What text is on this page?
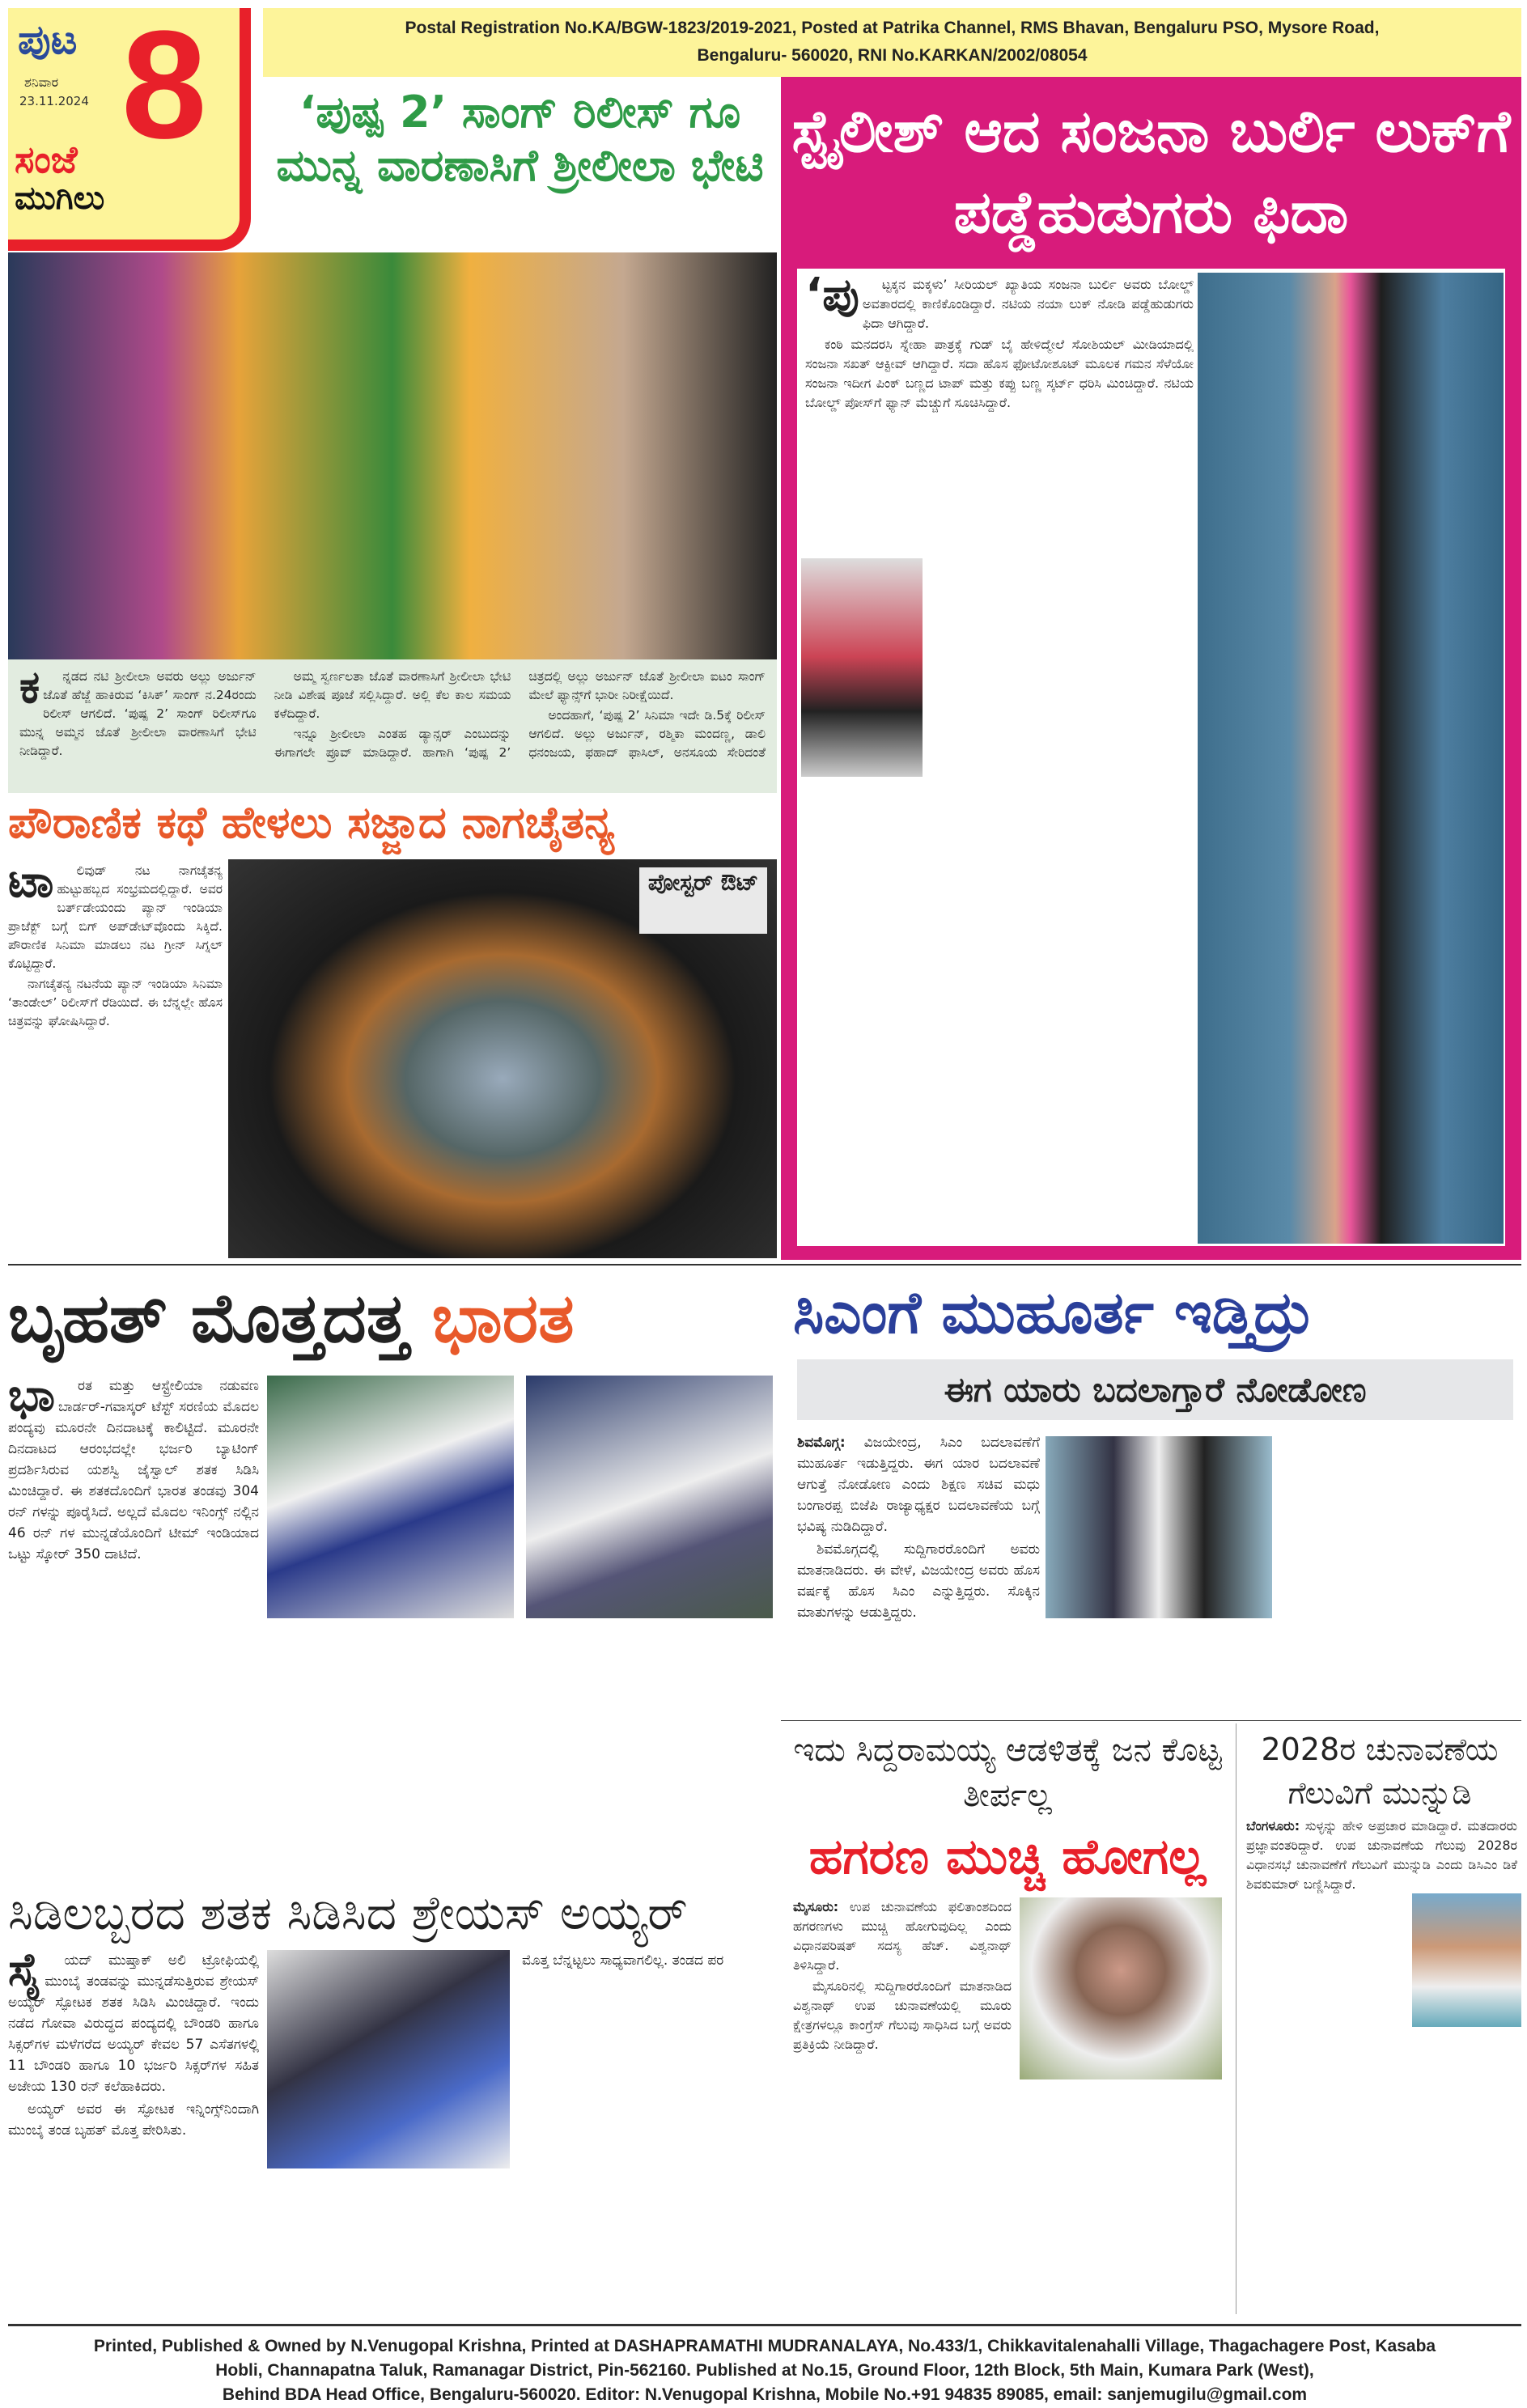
ಪುಟ
ಶನಿವಾರ
23.11.2024 8
ಸಂಜೆ
ಮುಗಿಲು
Postal Registration No.KA/BGW-1823/2019-2021, Posted at Patrika Channel, RMS Bhavan, Bengaluru PSO, Mysore Road,
Bengaluru- 560020, RNI No.KARKAN/2002/08054
‘ಪುಷ್ಪ 2’ ಸಾಂಗ್ ರಿಲೀಸ್ ಗೂ ಮುನ್ನ ವಾರಣಾಸಿಗೆ ಶ್ರೀಲೀಲಾ ಭೇಟಿ
ಕ	ನ್ನಡದ ನಟಿ ಶ್ರೀಲೀಲಾ ಅವರು ಅಲ್ಲು ಅರ್ಜುನ್ ಜೊತೆ ಹೆಜ್ಜೆ ಹಾಕಿರುವ ‘ಕಿಸಿಕ್’ ಸಾಂಗ್ ನ.24ರಂದು ರಿಲೀಸ್ ಆಗಲಿದೆ. ‘ಪುಷ್ಪ 2’ ಸಾಂಗ್ ರಿಲೀಸ್‌ಗೂ ಮುನ್ನ ಅಮ್ಮನ ಜೊತೆ ಶ್ರೀಲೀಲಾ ವಾರಣಾಸಿಗೆ ಭೇಟಿ ನೀಡಿದ್ದಾರೆ.

ಅಮ್ಮ ಸ್ವರ್ಣಲತಾ ಜೊತೆ ವಾರಣಾಸಿಗೆ ಶ್ರೀಲೀಲಾ ಭೇಟಿ ನೀಡಿ ವಿಶೇಷ ಪೂಜೆ ಸಲ್ಲಿಸಿದ್ದಾರೆ. ಅಲ್ಲಿ ಕೆಲ ಕಾಲ ಸಮಯ ಕಳೆದಿದ್ದಾರೆ.

ಇನ್ನೂ ಶ್ರೀಲೀಲಾ ಎಂತಹ ಡ್ಯಾನ್ಸರ್ ಎಂಬುದನ್ನು ಈಗಾಗಲೇ ಪ್ರೂವ್ ಮಾಡಿದ್ದಾರೆ. ಹಾಗಾಗಿ ‘ಪುಷ್ಪ 2’ ಚಿತ್ರದಲ್ಲಿ ಅಲ್ಲು ಅರ್ಜುನ್ ಜೊತೆ ಶ್ರೀಲೀಲಾ ಐಟಂ ಸಾಂಗ್ ಮೇಲೆ ಫ್ಯಾನ್ಸ್‌ಗೆ ಭಾರೀ ನಿರೀಕ್ಷೆಯಿದೆ.

ಅಂದಹಾಗೆ, ‘ಪುಷ್ಪ 2’ ಸಿನಿಮಾ ಇದೇ ಡಿ.5ಕ್ಕೆ ರಿಲೀಸ್ ಆಗಲಿದೆ. ಅಲ್ಲು ಅರ್ಜುನ್, ರಶ್ಮಿಕಾ ಮಂದಣ್ಣ, ಡಾಲಿ ಧನಂಜಯ, ಫಹಾದ್ ಫಾಸಿಲ್, ಅನಸೂಯ ಸೇರಿದಂತೆ

ಪೌರಾಣಿಕ ಕಥೆ ಹೇಳಲು ಸಜ್ಜಾದ ನಾಗಚೈತನ್ಯ
ಟಾ	ಲಿವುಡ್ ನಟ ನಾಗಚೈತನ್ಯ ಹುಟ್ಟುಹಬ್ಬದ ಸಂಭ್ರಮದಲ್ಲಿದ್ದಾರೆ. ಅವರ ಬರ್ತ್‌ಡೇಯಂದು ಪ್ಯಾನ್ ಇಂಡಿಯಾ ಪ್ರಾಜೆಕ್ಟ್ ಬಗ್ಗೆ ಬಿಗ್ ಅಪ್‌ಡೇಟ್‌ವೊಂದು ಸಿಕ್ಕಿದೆ. ಪೌರಾಣಿಕ ಸಿನಿಮಾ ಮಾಡಲು ನಟ ಗ್ರೀನ್ ಸಿಗ್ನಲ್ ಕೊಟ್ಟಿದ್ದಾರೆ.

ನಾಗಚೈತನ್ಯ ನಟನೆಯ ಪ್ಯಾನ್ ಇಂಡಿಯಾ ಸಿನಿಮಾ ‘ತಾಂಡೇಲ್’ ರಿಲೀಸ್‌ಗೆ ರೆಡಿಯಿದೆ. ಈ ಬೆನ್ನಲ್ಲೇ ಹೊಸ ಚಿತ್ರವನ್ನು ಘೋಷಿಸಿದ್ದಾರೆ.

ಪೋಸ್ಟರ್ ಔಟ್
ಸ್ಟೈಲೀಶ್ ಆದ ಸಂಜನಾ ಬುರ್ಲಿ ಲುಕ್‌ಗೆ ಪಡ್ಡೆಹುಡುಗರು ಫಿದಾ
‘ಪು	ಟ್ಟಕ್ಕನ ಮಕ್ಕಳು’ ಸೀರಿಯಲ್ ಖ್ಯಾತಿಯ ಸಂಜನಾ ಬುರ್ಲಿ ಅವರು ಬೋಲ್ಡ್ ಅವತಾರದಲ್ಲಿ ಕಾಣಿಕೊಂಡಿದ್ದಾರೆ. ನಟಿಯ ನಯಾ ಲುಕ್ ನೋಡಿ ಪಡ್ಡೆಹುಡುಗರು ಫಿದಾ ಆಗಿದ್ದಾರೆ.

ಕಂಠಿ ಮನದರಸಿ ಸ್ನೇಹಾ ಪಾತ್ರಕ್ಕೆ ಗುಡ್ ಬೈ ಹೇಳಿದ್ಮೇಲೆ ಸೋಶಿಯಲ್ ಮೀಡಿಯಾದಲ್ಲಿ ಸಂಜನಾ ಸಖತ್ ಆಕ್ಟೀವ್ ಆಗಿದ್ದಾರೆ. ಸದಾ ಹೊಸ ಫೋಟೋಶೂಟ್ ಮೂಲಕ ಗಮನ ಸೆಳೆಯೋ ಸಂಜನಾ ಇದೀಗ ಪಿಂಕ್ ಬಣ್ಣದ ಟಾಪ್ ಮತ್ತು ಕಪ್ಪು ಬಣ್ಣ ಸ್ಕರ್ಟ್ ಧರಿಸಿ ಮಿಂಚಿದ್ದಾರೆ. ನಟಿಯ ಬೋಲ್ಡ್ ಪೋಸ್‌ಗೆ ಫ್ಯಾನ್ ಮೆಚ್ಚುಗೆ ಸೂಚಿಸಿದ್ದಾರೆ.

ಬೃಹತ್ ಮೊತ್ತದತ್ತ ಭಾರತ
ಭಾ	ರತ ಮತ್ತು ಆಸ್ಟ್ರೇಲಿಯಾ ನಡುವಣ ಬಾರ್ಡರ್-ಗವಾಸ್ಕರ್ ಟೆಸ್ಟ್ ಸರಣಿಯ ಮೊದಲ ಪಂದ್ಯವು ಮೂರನೇ ದಿನದಾಟಕ್ಕೆ ಕಾಲಿಟ್ಟಿದೆ. ಮೂರನೇ ದಿನದಾಟದ ಆರಂಭದಲ್ಲೇ ಭರ್ಜರಿ ಬ್ಯಾಟಿಂಗ್ ಪ್ರದರ್ಶಿಸಿರುವ ಯಶಸ್ವಿ ಜೈಸ್ವಾಲ್ ಶತಕ ಸಿಡಿಸಿ ಮಿಂಚಿದ್ದಾರೆ. ಈ ಶತಕದೊಂದಿಗೆ ಭಾರತ ತಂಡವು 304 ರನ್ ಗಳನ್ನು ಪೂರೈಸಿದೆ. ಅಲ್ಲದೆ ಮೊದಲ ಇನಿಂಗ್ಸ್ ನಲ್ಲಿನ 46 ರನ್ ಗಳ ಮುನ್ನಡೆಯೊಂದಿಗೆ ಟೀಮ್ ಇಂಡಿಯಾದ ಒಟ್ಟು ಸ್ಕೋರ್ 350 ದಾಟಿದೆ.

ಸಿಎಂಗೆ ಮುಹೂರ್ತ ಇಡ್ತಿದ್ರು
ಈಗ ಯಾರು ಬದಲಾಗ್ತಾರೆ ನೋಡೋಣ

ಶಿವಮೊಗ್ಗ: ವಿಜಯೇಂದ್ರ, ಸಿಎಂ ಬದಲಾವಣೆಗೆ ಮುಹೂರ್ತ ಇಡುತ್ತಿದ್ದರು. ಈಗ ಯಾರ ಬದಲಾವಣೆ ಆಗುತ್ತೆ ನೋಡೋಣ ಎಂದು ಶಿಕ್ಷಣ ಸಚಿವ ಮಧು ಬಂಗಾರಪ್ಪ ಬಿಜೆಪಿ ರಾಜ್ಯಾಧ್ಯಕ್ಷರ ಬದಲಾವಣೆಯ ಬಗ್ಗೆ ಭವಿಷ್ಯ ನುಡಿದಿದ್ದಾರೆ.

ಶಿವಮೊಗ್ಗದಲ್ಲಿ ಸುದ್ದಿಗಾರರೊಂದಿಗೆ ಅವರು ಮಾತನಾಡಿದರು. ಈ ವೇಳೆ, ವಿಜಯೇಂದ್ರ ಅವರು ಹೊಸ ವರ್ಷಕ್ಕೆ ಹೊಸ ಸಿಎಂ ಎನ್ನುತ್ತಿದ್ದರು. ಸೊಕ್ಕಿನ ಮಾತುಗಳನ್ನು ಆಡುತ್ತಿದ್ದರು.

ಇದು ಸಿದ್ದರಾಮಯ್ಯ ಆಡಳಿತಕ್ಕೆ ಜನ ಕೊಟ್ಟ ತೀರ್ಪಲ್ಲ
ಹಗರಣ ಮುಚ್ಚಿ ಹೋಗಲ್ಲ

ಮೈಸೂರು: ಉಪ ಚುನಾವಣೆಯ ಫಲಿತಾಂಶದಿಂದ ಹಗರಣಗಳು ಮುಚ್ಚಿ ಹೋಗುವುದಿಲ್ಲ ಎಂದು ವಿಧಾನಪರಿಷತ್ ಸದಸ್ಯ ಹೆಚ್. ವಿಶ್ವನಾಥ್ ತಿಳಿಸಿದ್ದಾರೆ.

ಮೈಸೂರಿನಲ್ಲಿ ಸುದ್ದಿಗಾರರೊಂದಿಗೆ ಮಾತನಾಡಿದ ವಿಶ್ವನಾಥ್ ಉಪ ಚುನಾವಣೆಯಲ್ಲಿ ಮೂರು ಕ್ಷೇತ್ರಗಳಲ್ಲೂ ಕಾಂಗ್ರೆಸ್ ಗೆಲುವು ಸಾಧಿಸಿದ ಬಗ್ಗೆ ಅವರು ಪ್ರತಿಕ್ರಿಯೆ ನೀಡಿದ್ದಾರೆ.

2028ರ ಚುನಾವಣೆಯ ಗೆಲುವಿಗೆ ಮುನ್ನುಡಿ

ಬೆಂಗಳೂರು: ಸುಳ್ಳನ್ನು ಹೇಳಿ ಅಪ್ರಚಾರ ಮಾಡಿದ್ದಾರೆ. ಮತದಾರರು ಪ್ರಜ್ಞಾವಂತರಿದ್ದಾರೆ. ಉಪ ಚುನಾವಣೆಯ ಗೆಲುವು 2028ರ ವಿಧಾನಸಭೆ ಚುನಾವಣೆಗೆ ಗೆಲುವಿಗೆ ಮುನ್ನುಡಿ ಎಂದು ಡಿಸಿಎಂ ಡಿಕೆ ಶಿವಕುಮಾರ್ ಬಣ್ಣಿಸಿದ್ದಾರೆ.

ಸಿಡಿಲಬ್ಬರದ ಶತಕ ಸಿಡಿಸಿದ ಶ್ರೇಯಸ್ ಅಯ್ಯರ್
ಸೈ	ಯದ್ ಮುಷ್ತಾಕ್ ಅಲಿ ಟ್ರೋಫಿಯಲ್ಲಿ ಮುಂಬೈ ತಂಡವನ್ನು ಮುನ್ನಡೆಸುತ್ತಿರುವ ಶ್ರೇಯಸ್ ಅಯ್ಯರ್ ಸ್ಫೋಟಕ ಶತಕ ಸಿಡಿಸಿ ಮಿಂಚಿದ್ದಾರೆ. ಇಂದು ನಡೆದ ಗೋವಾ ವಿರುದ್ಧದ ಪಂದ್ಯದಲ್ಲಿ ಬೌಂಡರಿ ಹಾಗೂ ಸಿಕ್ಸರ್‌ಗಳ ಮಳೆಗರೆದ ಅಯ್ಯರ್ ಕೇವಲ 57 ಎಸೆತಗಳಲ್ಲಿ 11 ಬೌಂಡರಿ ಹಾಗೂ 10 ಭರ್ಜರಿ ಸಿಕ್ಸರ್‌ಗಳ ಸಹಿತ ಅಜೇಯ 130 ರನ್ ಕಲೆಹಾಕಿದರು.

ಅಯ್ಯರ್ ಅವರ ಈ ಸ್ಫೋಟಕ ಇನ್ನಿಂಗ್ಸ್‌ನಿಂದಾಗಿ ಮುಂಬೈ ತಂಡ ಬೃಹತ್ ಮೊತ್ತ ಪೇರಿಸಿತು.

ಮೊತ್ತ ಬೆನ್ನಟ್ಟಲು ಸಾಧ್ಯವಾಗಲಿಲ್ಲ. ತಂಡದ ಪರ

Printed, Published & Owned by N.Venugopal Krishna, Printed at DASHAPRAMATHI MUDRANALAYA, No.433/1, Chikkavitalenahalli Village, Thagachagere Post, Kasaba
Hobli, Channapatna Taluk, Ramanagar District, Pin-562160. Published at No.15, Ground Floor, 12th Block, 5th Main, Kumara Park (West),
Behind BDA Head Office, Bengaluru-560020. Editor: N.Venugopal Krishna, Mobile No.+91 94835 89085, email: sanjemugilu@gmail.com
